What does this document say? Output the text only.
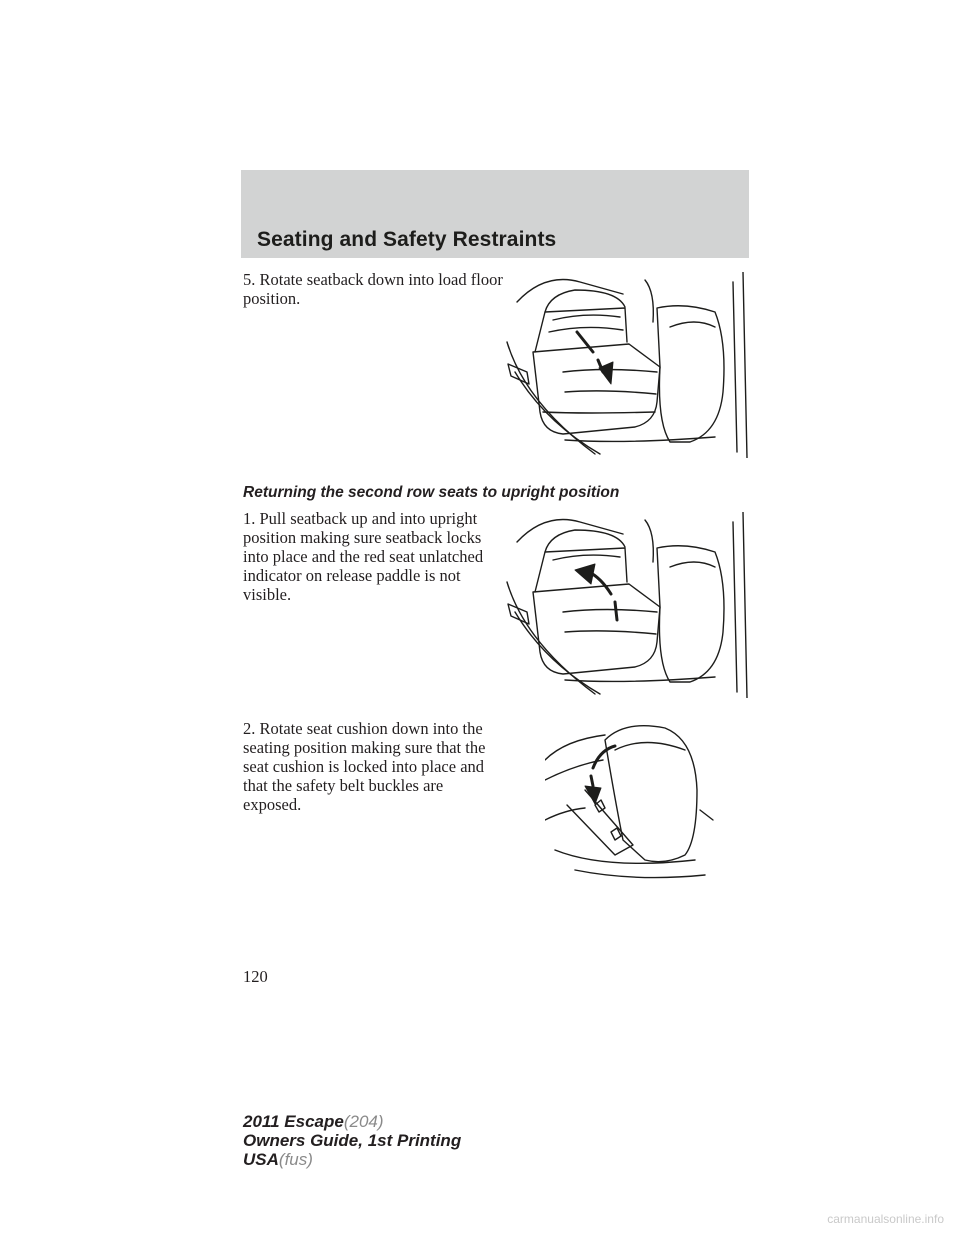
Seating and Safety Restraints

5. Rotate seatback down into load floor position.

Returning the second row seats to upright position

1. Pull seatback up and into upright position making sure seatback locks into place and the red seat unlatched indicator on release paddle is not visible.

2. Rotate seat cushion down into the seating position making sure that the seat cushion is locked into place and that the safety belt buckles are exposed.

120

2011 Escape(204)
Owners Guide, 1st Printing
USA(fus)
carmanualsonline.info
